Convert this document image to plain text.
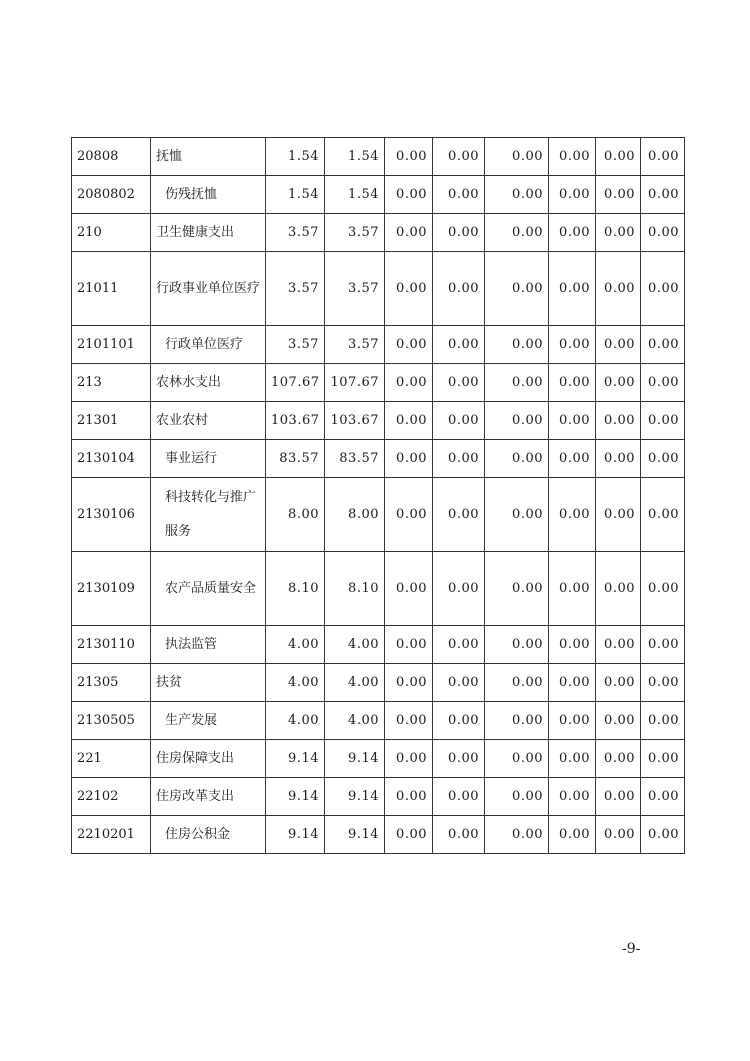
20808	抚恤	1.54	1.54	0.00	0.00	0.00	0.00	0.00	0.00
2080802	伤残抚恤	1.54	1.54	0.00	0.00	0.00	0.00	0.00	0.00
210	卫生健康支出	3.57	3.57	0.00	0.00	0.00	0.00	0.00	0.00
21011	行政事业单位医疗	3.57	3.57	0.00	0.00	0.00	0.00	0.00	0.00
2101101	行政单位医疗	3.57	3.57	0.00	0.00	0.00	0.00	0.00	0.00
213	农林水支出	107.67	107.67	0.00	0.00	0.00	0.00	0.00	0.00
21301	农业农村	103.67	103.67	0.00	0.00	0.00	0.00	0.00	0.00
2130104	事业运行	83.57	83.57	0.00	0.00	0.00	0.00	0.00	0.00
2130106	科技转化与推广服务	8.00	8.00	0.00	0.00	0.00	0.00	0.00	0.00
2130109	农产品质量安全	8.10	8.10	0.00	0.00	0.00	0.00	0.00	0.00
2130110	执法监管	4.00	4.00	0.00	0.00	0.00	0.00	0.00	0.00
21305	扶贫	4.00	4.00	0.00	0.00	0.00	0.00	0.00	0.00
2130505	生产发展	4.00	4.00	0.00	0.00	0.00	0.00	0.00	0.00
221	住房保障支出	9.14	9.14	0.00	0.00	0.00	0.00	0.00	0.00
22102	住房改革支出	9.14	9.14	0.00	0.00	0.00	0.00	0.00	0.00
2210201	住房公积金	9.14	9.14	0.00	0.00	0.00	0.00	0.00	0.00
-9-
